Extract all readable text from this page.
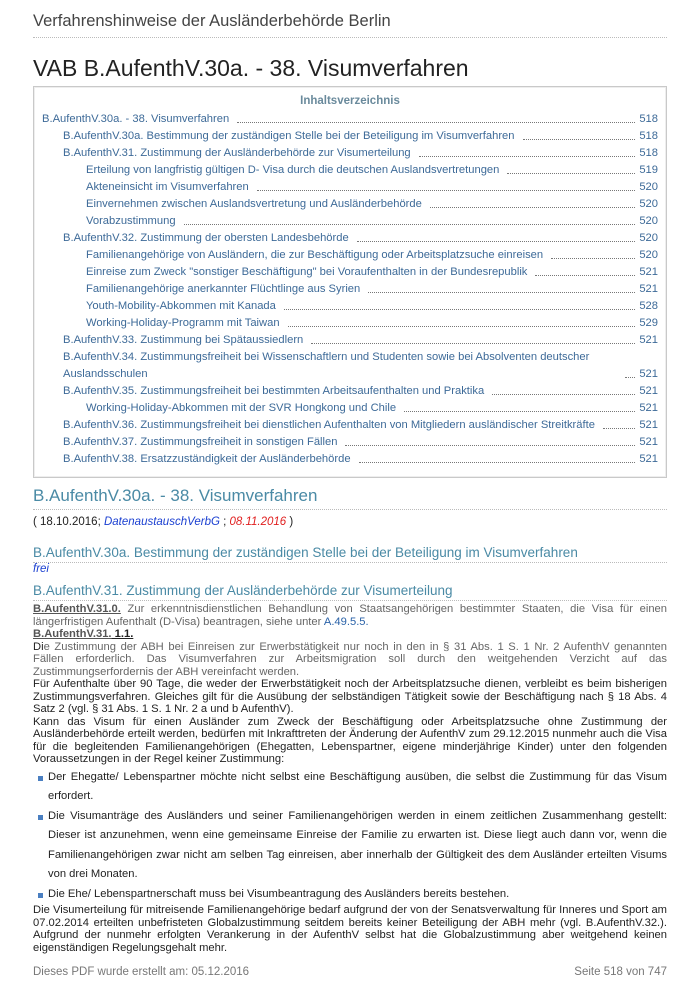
Verfahrenshinweise der Ausländerbehörde Berlin
VAB B.AufenthV.30a. - 38. Visumverfahren
Inhaltsverzeichnis
B.AufenthV.30a. - 38. Visumverfahren	518
B.AufenthV.30a. Bestimmung der zuständigen Stelle bei der Beteiligung im Visumverfahren	518
B.AufenthV.31. Zustimmung der Ausländerbehörde zur Visumerteilung	518
Erteilung von langfristig gültigen D- Visa durch die deutschen Auslandsvertretungen	519
Akteneinsicht im Visumverfahren	520
Einvernehmen zwischen Auslandsvertretung und Ausländerbehörde	520
Vorabzustimmung	520
B.AufenthV.32. Zustimmung der obersten Landesbehörde	520
Familienangehörige von Ausländern, die zur Beschäftigung oder Arbeitsplatzsuche einreisen	520
Einreise zum Zweck "sonstiger Beschäftigung" bei Voraufenthalten in der Bundesrepublik	521
Familienangehörige anerkannter Flüchtlinge aus Syrien	521
Youth-Mobility-Abkommen mit Kanada	528
Working-Holiday-Programm mit Taiwan	529
B.AufenthV.33. Zustimmung bei Spätaussiedlern	521
B.AufenthV.34. Zustimmungsfreiheit bei Wissenschaftlern und Studenten sowie bei Absolventen deutscher Auslandsschulen	521
B.AufenthV.35. Zustimmungsfreiheit bei bestimmten Arbeitsaufenthalten und Praktika	521
Working-Holiday-Abkommen mit der SVR Hongkong und Chile	521
B.AufenthV.36. Zustimmungsfreiheit bei dienstlichen Aufenthalten von Mitgliedern ausländischer Streitkräfte	521
B.AufenthV.37. Zustimmungsfreiheit in sonstigen Fällen	521
B.AufenthV.38. Ersatzzuständigkeit der Ausländerbehörde	521
B.AufenthV.30a. - 38. Visumverfahren
( 18.10.2016; DatenaustauschVerbG ; 08.11.2016 )
B.AufenthV.30a. Bestimmung der zuständigen Stelle bei der Beteiligung im Visumverfahren
frei
B.AufenthV.31. Zustimmung der Ausländerbehörde zur Visumerteilung

B.AufenthV.31.0. Zur erkenntnisdienstlichen Behandlung von Staatsangehörigen bestimmter Staaten, die Visa für einen längerfristigen Aufenthalt (D-Visa) beantragen, siehe unter A.49.5.5.

B.AufenthV.31. 1.1.

Die Zustimmung der ABH bei Einreisen zur Erwerbstätigkeit nur noch in den in § 31 Abs. 1 S. 1 Nr. 2 AufenthV genannten Fällen erforderlich. Das Visumverfahren zur Arbeitsmigration soll durch den weitgehenden Verzicht auf das Zustimmungserfordernis der ABH vereinfacht werden.

Für Aufenthalte über 90 Tage, die weder der Erwerbstätigkeit noch der Arbeitsplatzsuche dienen, verbleibt es beim bisherigen Zustimmungsverfahren. Gleiches gilt für die Ausübung der selbständigen Tätigkeit sowie der Beschäftigung nach § 18 Abs. 4 Satz 2 (vgl. § 31 Abs. 1 S. 1 Nr. 2 a und b AufenthV).

Kann das Visum für einen Ausländer zum Zweck der Beschäftigung oder Arbeitsplatzsuche ohne Zustimmung der Ausländerbehörde erteilt werden, bedürfen mit Inkrafttreten der Änderung der AufenthV zum 29.12.2015 nunmehr auch die Visa für die begleitenden Familienangehörigen (Ehegatten, Lebenspartner, eigene minderjährige Kinder) unter den folgenden Voraussetzungen in der Regel keiner Zustimmung:

Der Ehegatte/ Lebenspartner möchte nicht selbst eine Beschäftigung ausüben, die selbst die Zustimmung für das Visum erfordert.
Die Visumanträge des Ausländers und seiner Familienangehörigen werden in einem zeitlichen Zusammenhang gestellt: Dieser ist anzunehmen, wenn eine gemeinsame Einreise der Familie zu erwarten ist. Diese liegt auch dann vor, wenn die Familienangehörigen zwar nicht am selben Tag einreisen, aber innerhalb der Gültigkeit des dem Ausländer erteilten Visums von drei Monaten.
Die Ehe/ Lebenspartnerschaft muss bei Visumbeantragung des Ausländers bereits bestehen.

Die Visumerteilung für mitreisende Familienangehörige bedarf aufgrund der von der Senatsverwaltung für Inneres und Sport am 07.02.2014 erteilten unbefristeten Globalzustimmung seitdem bereits keiner Beteiligung der ABH mehr (vgl. B.AufenthV.32.). Aufgrund der nunmehr erfolgten Verankerung in der AufenthV selbst hat die Globalzustimmung aber weitgehend keinen eigenständigen Regelungsgehalt mehr.

Dieses PDF wurde erstellt am: 05.12.2016	Seite 518 von 747
